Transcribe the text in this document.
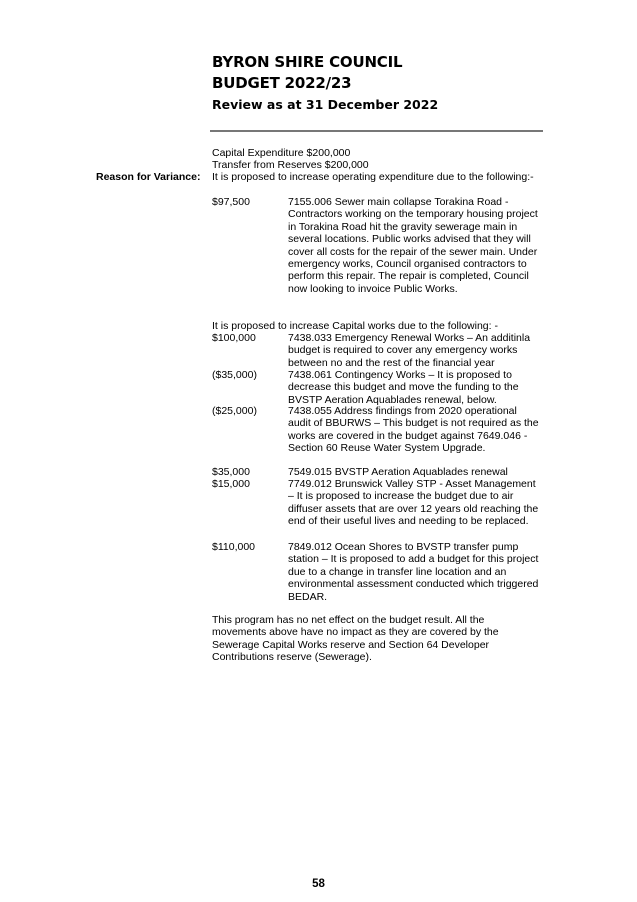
BYRON SHIRE COUNCIL
BUDGET 2022/23
Review as at 31 December 2022
Capital Expenditure $200,000
Transfer from Reserves $200,000
Reason for Variance: It is proposed to increase operating expenditure due to the following:-
$97,500	7155.006 Sewer main collapse Torakina Road - Contractors working on the temporary housing project in Torakina Road hit the gravity sewerage main in several locations. Public works advised that they will cover all costs for the repair of the sewer main. Under emergency works, Council organised contractors to perform this repair. The repair is completed, Council now looking to invoice Public Works.
It is proposed to increase Capital works due to the following: -
$100,000	7438.033 Emergency Renewal Works – An additinla budget is required to cover any emergency works between no and the rest of the financial year
($35,000)	7438.061 Contingency Works – It is proposed to decrease this budget and move the funding to the BVSTP Aeration Aquablades renewal, below.
($25,000)	7438.055 Address findings from 2020 operational audit of BBURWS – This budget is not required as the works are covered in the budget against 7649.046 - Section 60 Reuse Water System Upgrade.
$35,000	7549.015 BVSTP Aeration Aquablades renewal
$15,000	7749.012 Brunswick Valley STP - Asset Management – It is proposed to increase the budget due to air diffuser assets that are over 12 years old reaching the end of their useful lives and needing to be replaced.
$110,000	7849.012 Ocean Shores to BVSTP transfer pump station – It is proposed to add a budget for this project due to a change in transfer line location and an environmental assessment conducted which triggered BEDAR.
This program has no net effect on the budget result. All the movements above have no impact as they are covered by the Sewerage Capital Works reserve and Section 64 Developer Contributions reserve (Sewerage).
58
